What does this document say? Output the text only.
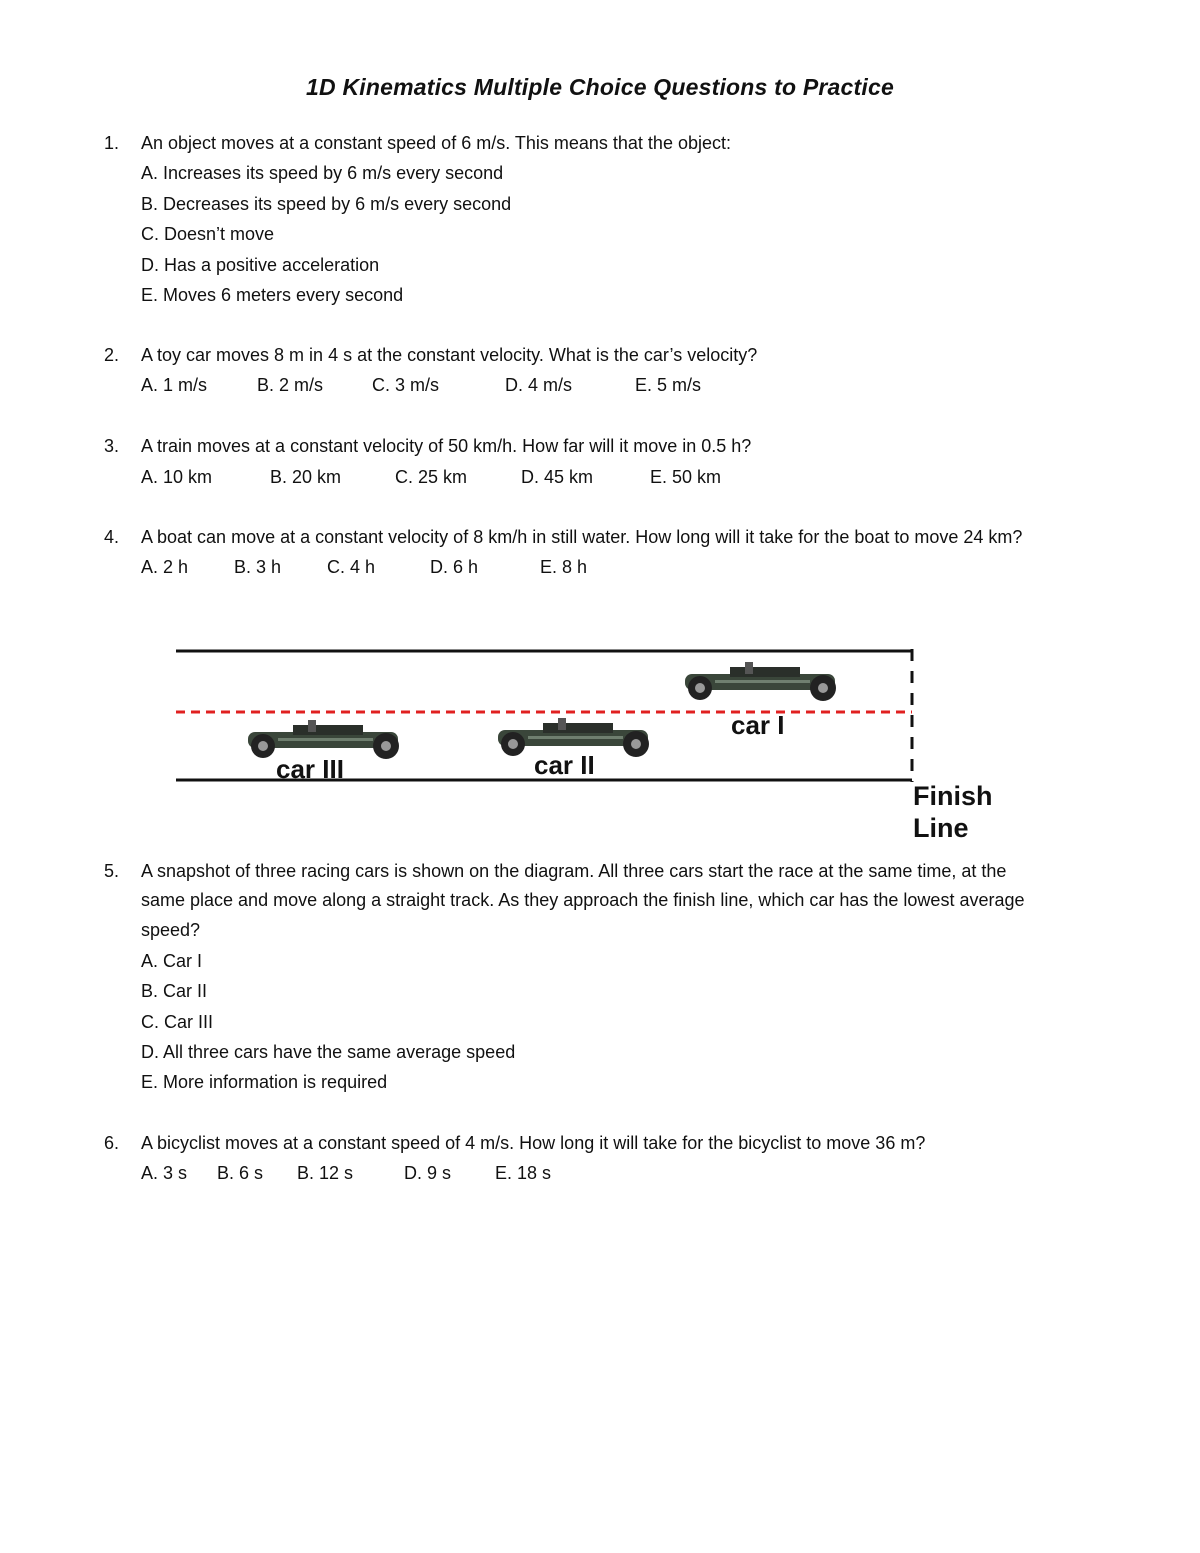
1D Kinematics Multiple Choice Questions to Practice
1. An object moves at a constant speed of 6 m/s. This means that the object:
A. Increases its speed by 6 m/s every second
B. Decreases its speed by 6 m/s every second
C. Doesn’t move
D. Has a positive acceleration
E. Moves 6 meters every second
2. A toy car moves 8 m in 4 s at the constant velocity. What is the car’s velocity?
A. 1 m/s	B. 2 m/s	C. 3 m/s	D. 4 m/s	E. 5 m/s
3. A train moves at a constant velocity of 50 km/h. How far will it move in 0.5 h?
A. 10 km	B. 20 km	C. 25 km	D. 45 km	E. 50 km
4. A boat can move at a constant velocity of 8 km/h in still water. How long will it take for the boat to move 24 km?
A. 2 h	B. 3 h	C. 4 h	D. 6 h	E. 8 h
car I
car II
car III
Finish
Line
5. A snapshot of three racing cars is shown on the diagram. All three cars start the race at the same time, at the
same place and move along a straight track. As they approach the finish line, which car has the lowest average
speed?
A. Car I
B. Car II
C. Car III
D. All three cars have the same average speed
E. More information is required
6. A bicyclist moves at a constant speed of 4 m/s. How long it will take for the bicyclist to move 36 m?
A. 3 s B. 6 s B. 12 s	D. 9 s E. 18 s
